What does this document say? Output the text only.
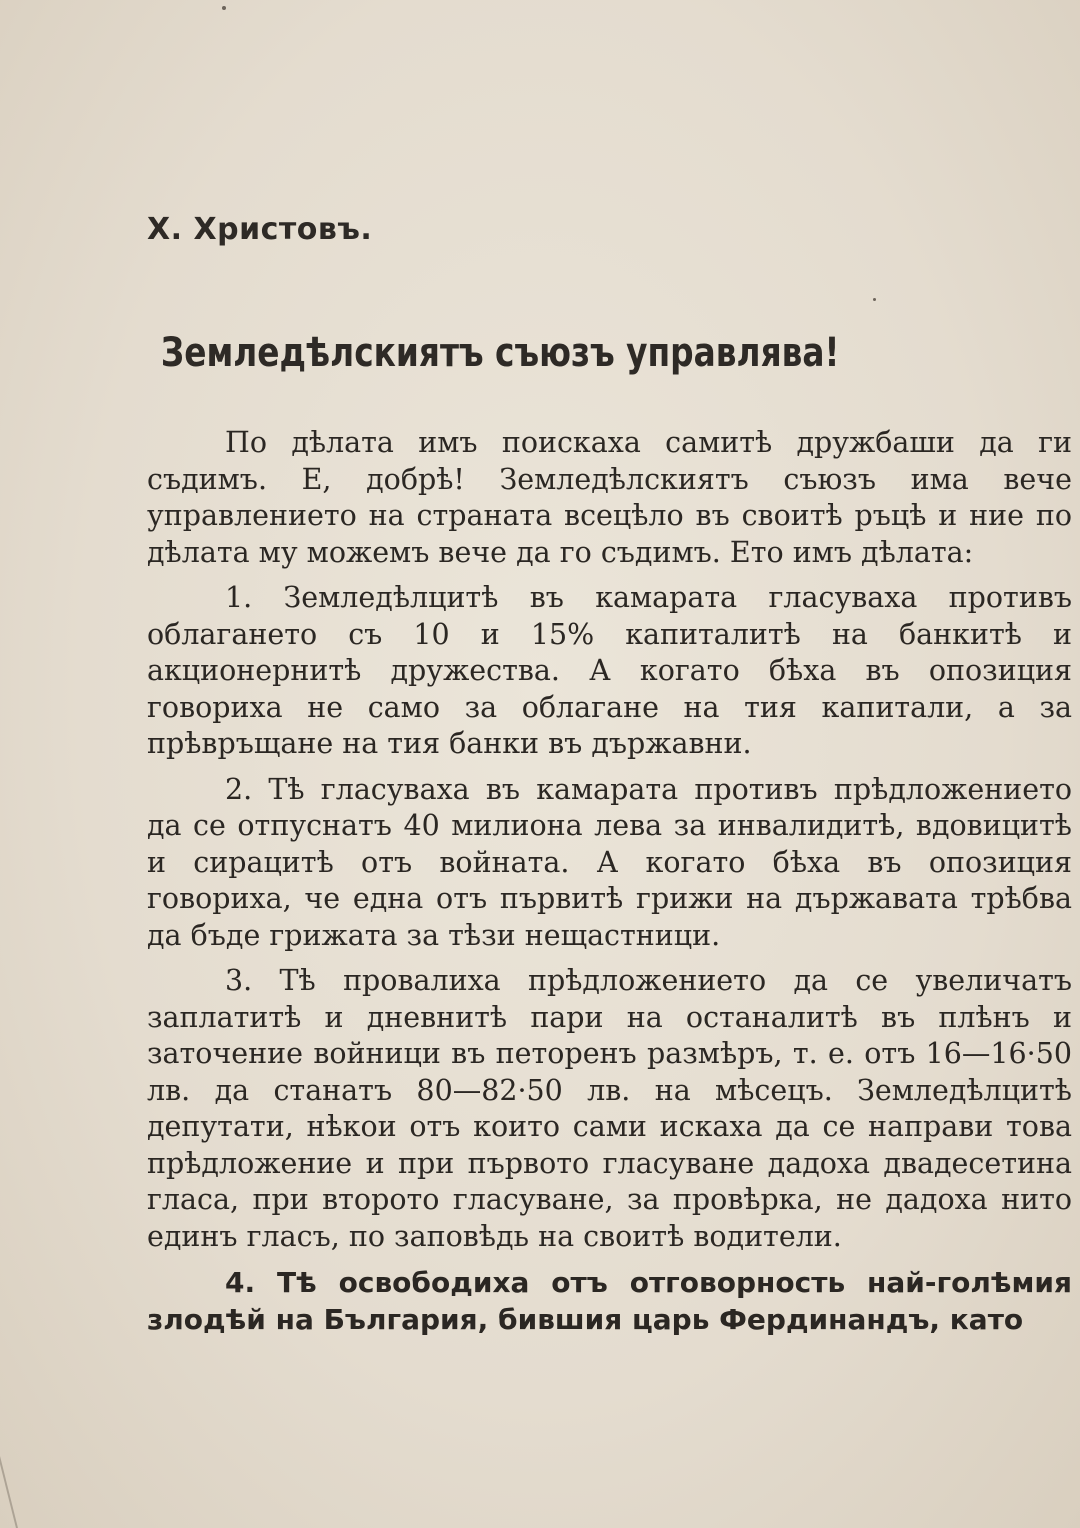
Х. Христовъ.
Земледѣлскиятъ съюзъ управлява!

По дѣлата имъ поискаха самитѣ дружбаши да ги съдимъ. Е, добрѣ! Земледѣлскиятъ съюзъ има вече управлението на страната всецѣло въ своитѣ ръцѣ и ние по дѣлата му можемъ вече да го съдимъ. Ето имъ дѣлата:

1. Земледѣлцитѣ въ камарата гласуваха противъ облагането съ 10 и 15% капиталитѣ на банкитѣ и акционернитѣ дружества. А когато бѣха въ опозиция говориха не само за облагане на тия капитали, а за прѣвръщане на тия банки въ държавни.

2. Тѣ гласуваха въ камарата противъ прѣдложението да се отпуснатъ 40 милиона лева за инвалидитѣ, вдовицитѣ и сирацитѣ отъ войната. А когато бѣха въ опозиция говориха, че една отъ първитѣ грижи на държавата трѣбва да бъде грижата за тѣзи нещастници.

3. Тѣ провалиха прѣдложението да се увеличатъ заплатитѣ и дневнитѣ пари на останалитѣ въ плѣнъ и заточение войници въ петоренъ размѣръ, т. е. отъ 16—16·50 лв. да станатъ 80—82·50 лв. на мѣсецъ. Земледѣлцитѣ депутати, нѣкои отъ които сами искаха да се направи това прѣдложение и при първото гласуване дадоха двадесетина гласа, при второто гласуване, за провѣрка, не дадоха нито единъ гласъ, по заповѣдь на своитѣ водители.

4. Тѣ освободиха отъ отговорность най-голѣмия злодѣй на България, бившия царь Фердинандъ, като
